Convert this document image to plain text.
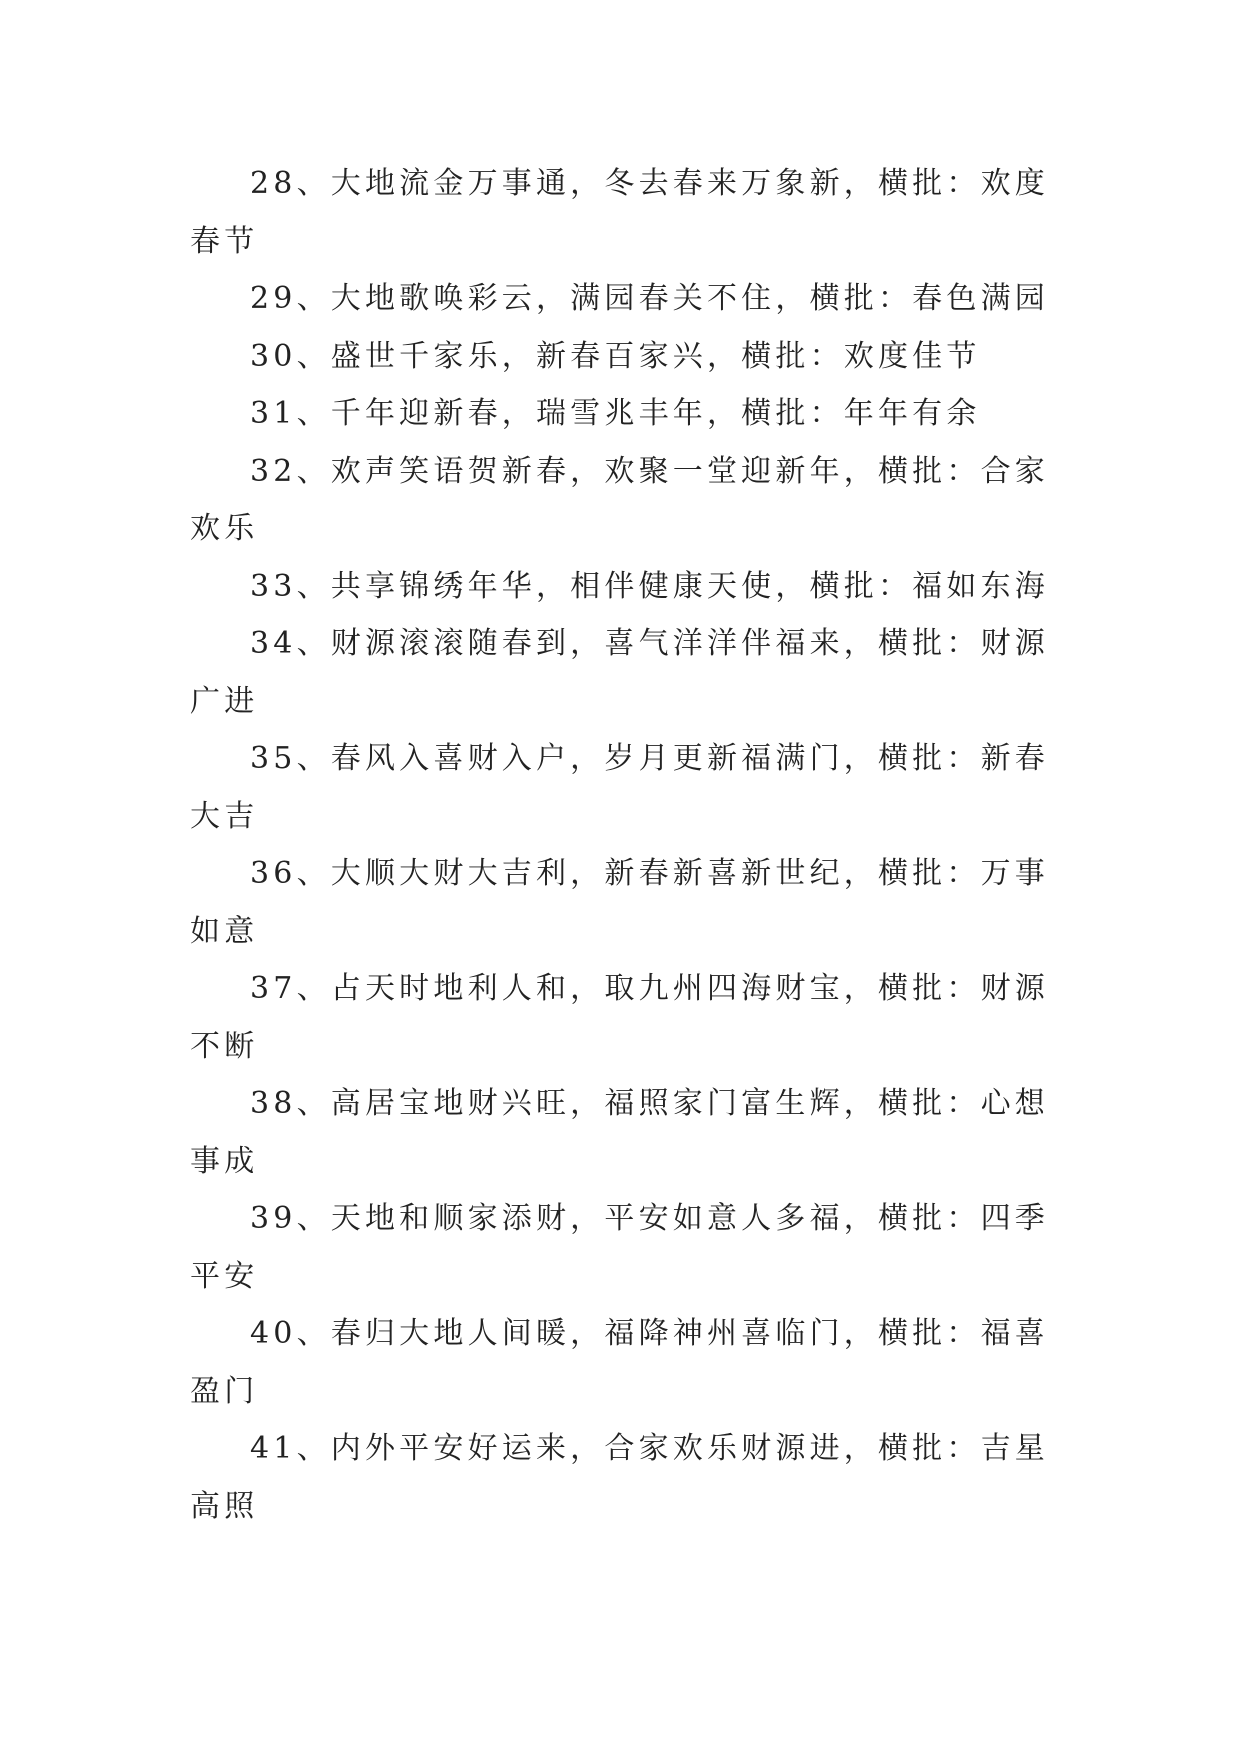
28、大地流金万事通，冬去春来万象新，横批：欢度春节

29、大地歌唤彩云，满园春关不住，横批：春色满园

30、盛世千家乐，新春百家兴，横批：欢度佳节

31、千年迎新春，瑞雪兆丰年，横批：年年有余

32、欢声笑语贺新春，欢聚一堂迎新年，横批：合家欢乐

33、共享锦绣年华，相伴健康天使，横批：福如东海

34、财源滚滚随春到，喜气洋洋伴福来，横批：财源广进

35、春风入喜财入户，岁月更新福满门，横批：新春大吉

36、大顺大财大吉利，新春新喜新世纪，横批：万事如意

37、占天时地利人和，取九州四海财宝，横批：财源不断

38、高居宝地财兴旺，福照家门富生辉，横批：心想事成

39、天地和顺家添财，平安如意人多福，横批：四季平安

40、春归大地人间暖，福降神州喜临门，横批：福喜盈门

41、内外平安好运来，合家欢乐财源进，横批：吉星高照
